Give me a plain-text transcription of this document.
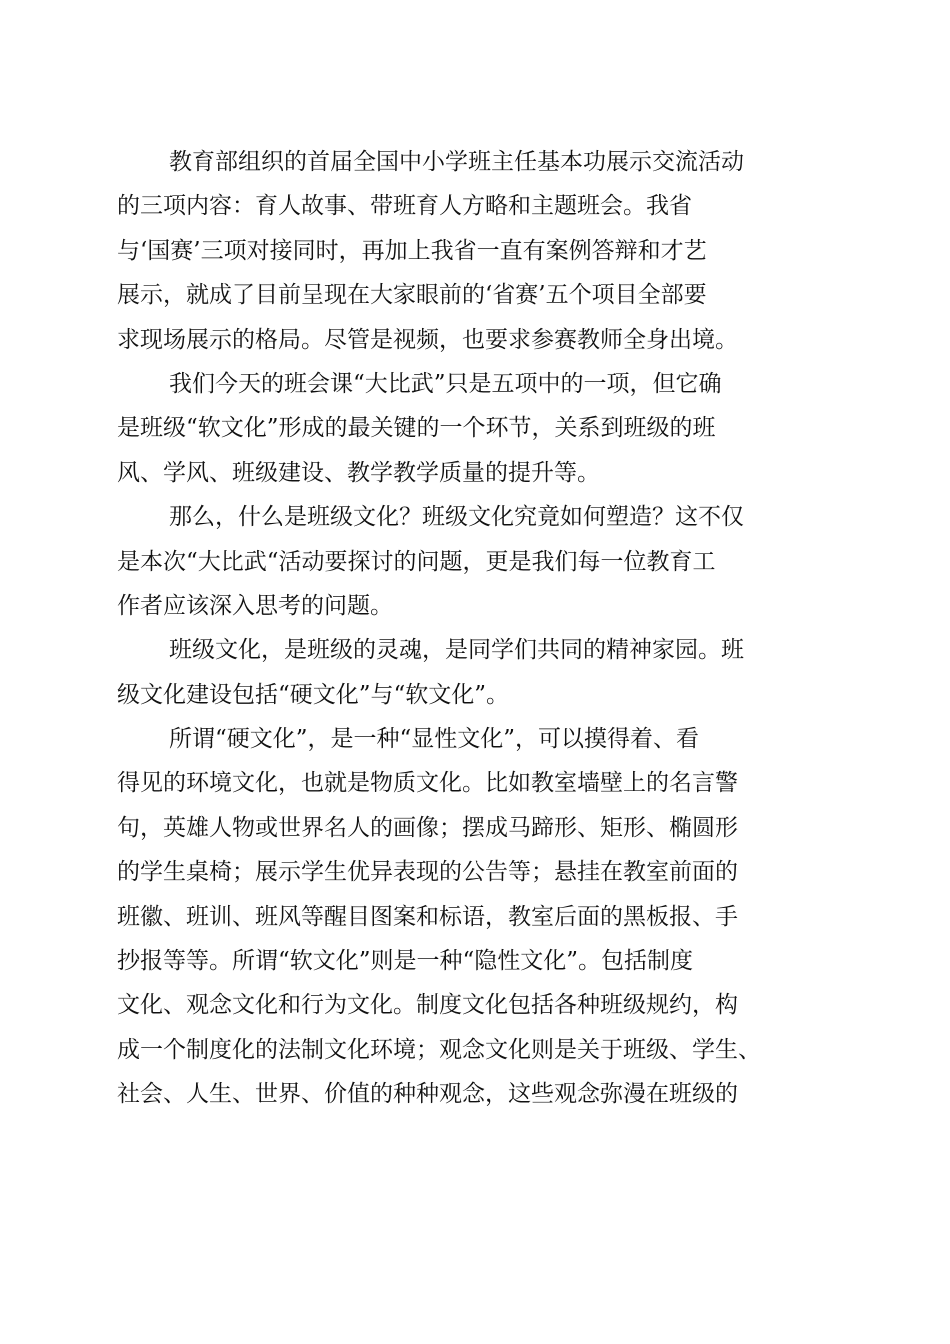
教育部组织的首届全国中小学班主任基本功展示交流活动
的三项内容：育人故事、带班育人方略和主题班会。我省
与‘国赛’三项对接同时，再加上我省一直有案例答辩和才艺
展示，就成了目前呈现在大家眼前的‘省赛’五个项目全部要
求现场展示的格局。尽管是视频，也要求参赛教师全身出境。
我们今天的班会课“大比武”只是五项中的一项，但它确
是班级“软文化”形成的最关键的一个环节，关系到班级的班
风、学风、班级建设、教学教学质量的提升等。
那么，什么是班级文化？班级文化究竟如何塑造？这不仅
是本次“大比武“活动要探讨的问题，更是我们每一位教育工
作者应该深入思考的问题。
班级文化，是班级的灵魂，是同学们共同的精神家园。班
级文化建设包括“硬文化”与“软文化”。
所谓“硬文化”，是一种“显性文化”，可以摸得着、看
得见的环境文化，也就是物质文化。比如教室墙壁上的名言警
句，英雄人物或世界名人的画像；摆成马蹄形、矩形、椭圆形
的学生桌椅；展示学生优异表现的公告等；悬挂在教室前面的
班徽、班训、班风等醒目图案和标语，教室后面的黑板报、手
抄报等等。所谓“软文化”则是一种“隐性文化”。包括制度
文化、观念文化和行为文化。制度文化包括各种班级规约，构
成一个制度化的法制文化环境；观念文化则是关于班级、学生、
社会、人生、世界、价值的种种观念，这些观念弥漫在班级的
